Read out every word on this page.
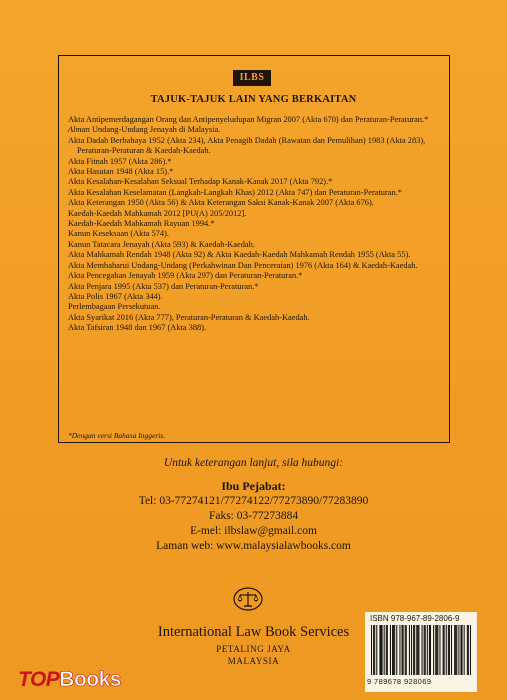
ILBS
TAJUK-TAJUK LAIN YANG BERKAITAN
Akta Antipemerdagangan Orang dan Antipenyeludupan Migran 2007 (Akta 670) dan Peraturan-Peraturan.*
Alman Undang-Undang Jenayah di Malaysia.
Akta Dadah Berbahaya 1952 (Akta 234), Akta Penagih Dadah (Rawatan dan Pemulihan) 1983 (Akta 283), Peraturan-Peraturan & Kaedah-Kaedah.
Akta Fitnah 1957 (Akta 286).*
Akta Hasutan 1948 (Akta 15).*
Akta Kesalahan-Kesalahan Seksual Terhadap Kanak-Kanak 2017 (Akta 792).*
Akta Kesalahan Keselamatan (Langkah-Langkah Khas) 2012 (Akta 747) dan Peraturan-Peraturan.*
Akta Keterangan 1950 (Akta 56) & Akta Keterangan Saksi Kanak-Kanak 2007 (Akta 676).
Kaedah-Kaedah Mahkamah 2012 [PU(A) 205/2012].
Kaedah-Kaedah Mahkamah Rayuan 1994.*
Kanun Keseksaan (Akta 574).
Kanun Tatacara Jenayah (Akta 593) & Kaedah-Kaedah.
Akta Mahkamah Rendah 1948 (Akta 92) & Akta Kaedah-Kaedah Mahkamah Rendah 1955 (Akta 55).
Akta Membaharui Undang-Undang (Perkahwinan Dan Penceraian) 1976 (Akta 164) & Kaedah-Kaedah.
Akta Pencegahan Jenayah 1959 (Akta 297) dan Peraturan-Peraturan.*
Akta Penjara 1995 (Akta 537) dan Peraturan-Peraturan.*
Akta Polis 1967 (Akta 344).
Perlembagaan Persekutuan.
Akta Syarikat 2016 (Akta 777), Peraturan-Peraturan & Kaedah-Kaedah.
Akta Tafsiran 1948 dan 1967 (Akta 388).
*Dengan versi Bahasa Inggeris.
Untuk keterangan lanjut, sila hubungi:
Ibu Pejabat:
Tel: 03-77274121/77274122/77273890/77283890
Faks: 03-77273884
E-mel: ilbslaw@gmail.com
Laman web: www.malaysialawbooks.com
International Law Book Services
PETALING JAYA
MALAYSIA
ISBN 978-967-89-2806-9
9 789678 928069
TOPBooks
